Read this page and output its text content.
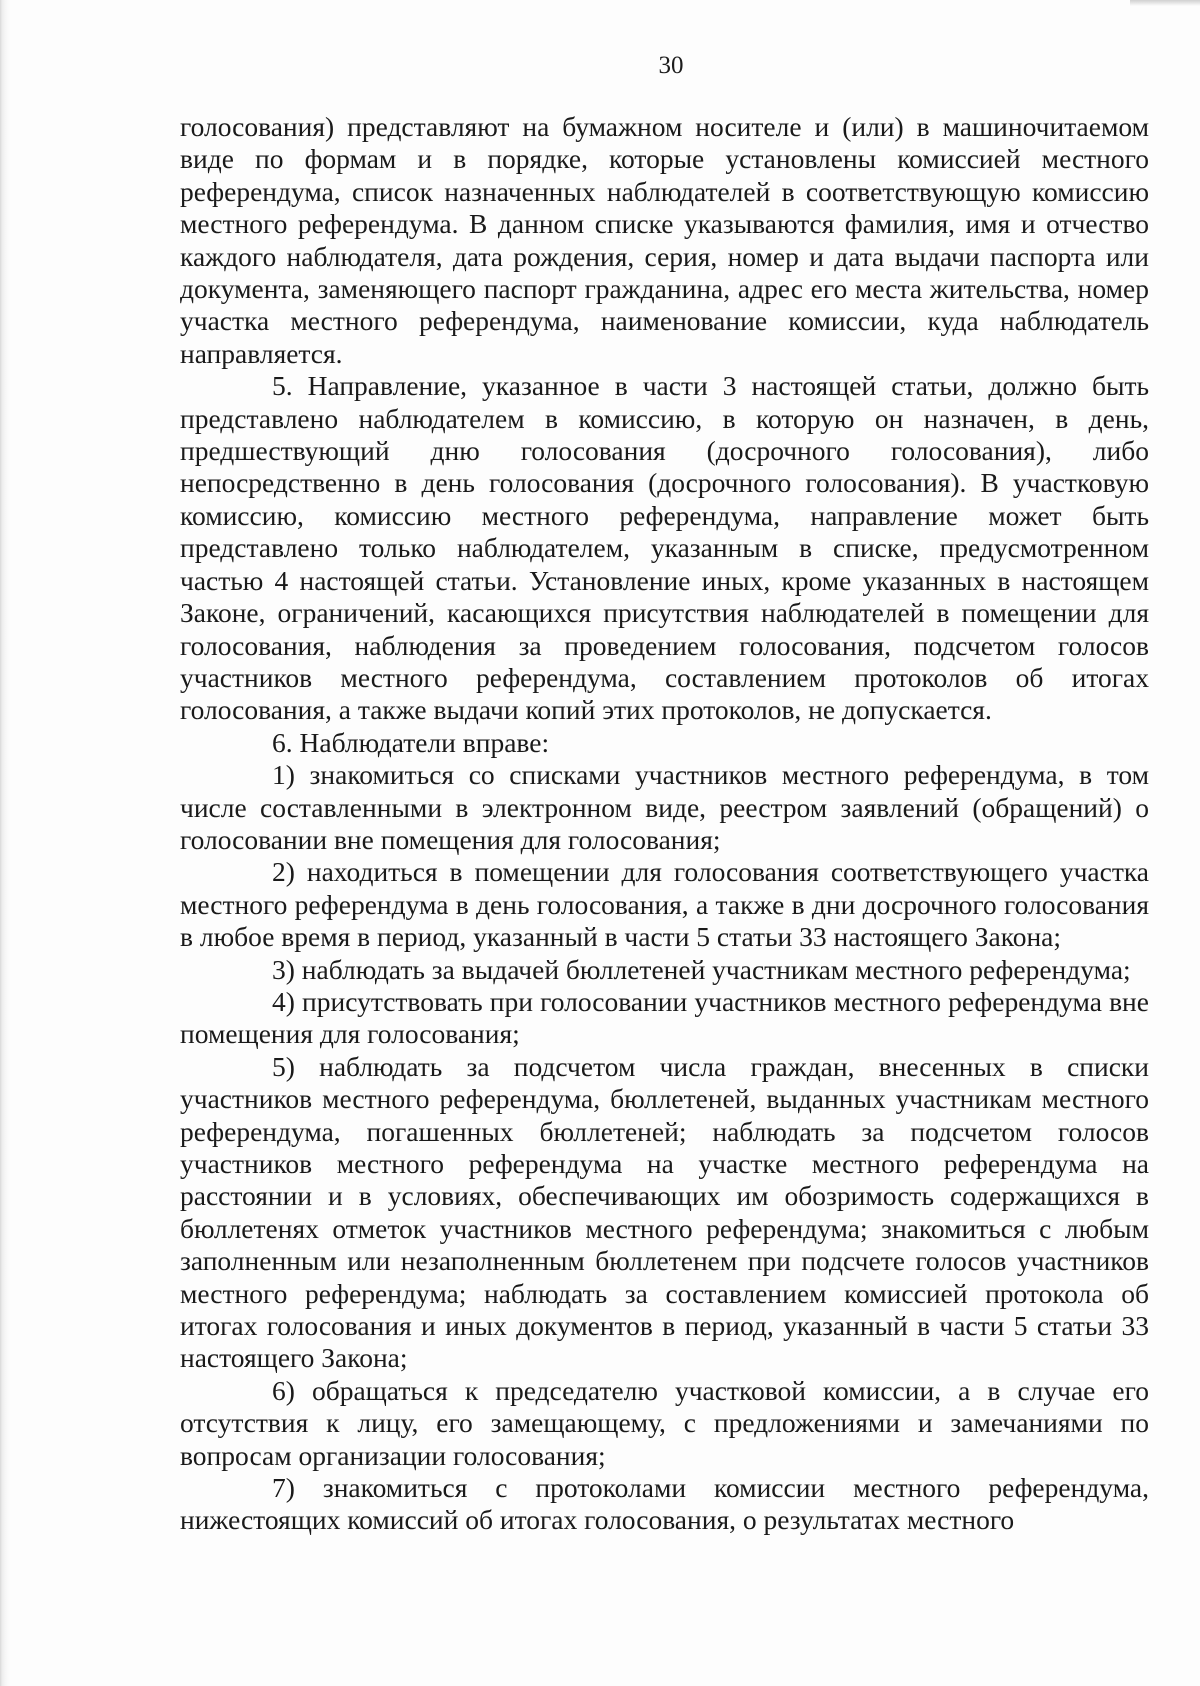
30

голосования) представляют на бумажном носителе и (или) в машиночитаемом виде по формам и в порядке, которые установлены комиссией местного референдума, список назначенных наблюдателей в соответствующую комиссию местного референдума. В данном списке указываются фамилия, имя и отчество каждого наблюдателя, дата рождения, серия, номер и дата выдачи паспорта или документа, заменяющего паспорт гражданина, адрес его места жительства, номер участка местного референдума, наименование комиссии, куда наблюдатель направляется.

5. Направление, указанное в части 3 настоящей статьи, должно быть представлено наблюдателем в комиссию, в которую он назначен, в день, предшествующий дню голосования (досрочного голосования), либо непосредственно в день голосования (досрочного голосования). В участковую комиссию, комиссию местного референдума, направление может быть представлено только наблюдателем, указанным в списке, предусмотренном частью 4 настоящей статьи. Установление иных, кроме указанных в настоящем Законе, ограничений, касающихся присутствия наблюдателей в помещении для голосования, наблюдения за проведением голосования, подсчетом голосов участников местного референдума, составлением протоколов об итогах голосования, а также выдачи копий этих протоколов, не допускается.

6. Наблюдатели вправе:

1) знакомиться со списками участников местного референдума, в том числе составленными в электронном виде, реестром заявлений (обращений) о голосовании вне помещения для голосования;

2) находиться в помещении для голосования соответствующего участка местного референдума в день голосования, а также в дни досрочного голосования в любое время в период, указанный в части 5 статьи 33 настоящего Закона;

3) наблюдать за выдачей бюллетеней участникам местного референдума;

4) присутствовать при голосовании участников местного референдума вне помещения для голосования;

5) наблюдать за подсчетом числа граждан, внесенных в списки участников местного референдума, бюллетеней, выданных участникам местного референдума, погашенных бюллетеней; наблюдать за подсчетом голосов участников местного референдума на участке местного референдума на расстоянии и в условиях, обеспечивающих им обозримость содержащихся в бюллетенях отметок участников местного референдума; знакомиться с любым заполненным или незаполненным бюллетенем при подсчете голосов участников местного референдума; наблюдать за составлением комиссией протокола об итогах голосования и иных документов в период, указанный в части 5 статьи 33 настоящего Закона;

6) обращаться к председателю участковой комиссии, а в случае его отсутствия к лицу, его замещающему, с предложениями и замечаниями по вопросам организации голосования;

7) знакомиться с протоколами комиссии местного референдума, нижестоящих комиссий об итогах голосования, о результатах местного
